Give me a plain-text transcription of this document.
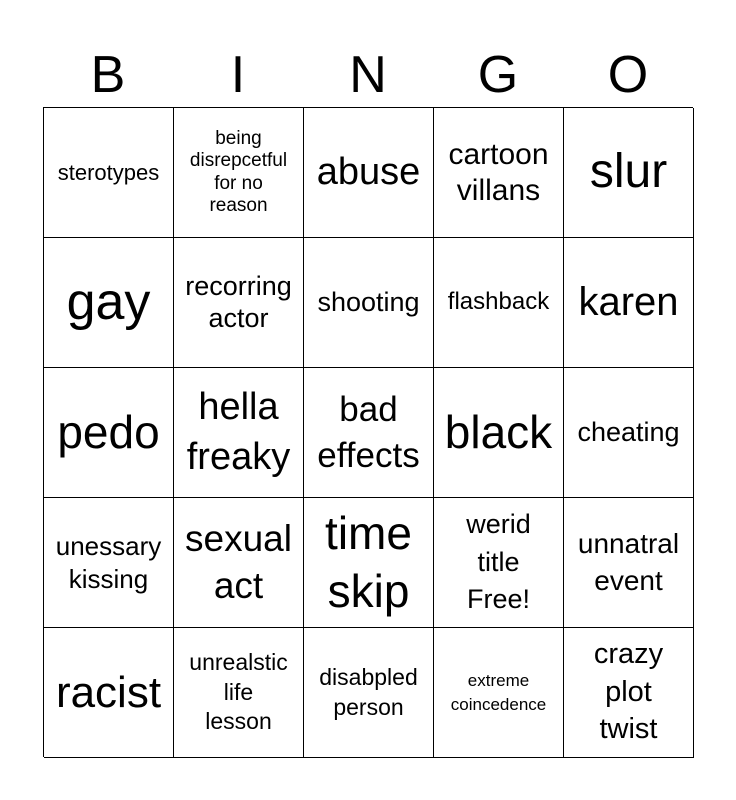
B	I	N	G	O
sterotypes
being
disrepcetful
for no
reason
abuse cartoon
villans slur
gay recorring
actor
shooting flashback karen
pedo	hella
freaky
bad
effects black cheating
unessary
kissing
sexual
act
time
skip
werid
title
Free!
unnatral
event
racist
unrealstic
life
lesson
disabpled
person
extreme
coincedence
crazy
plot
twist
